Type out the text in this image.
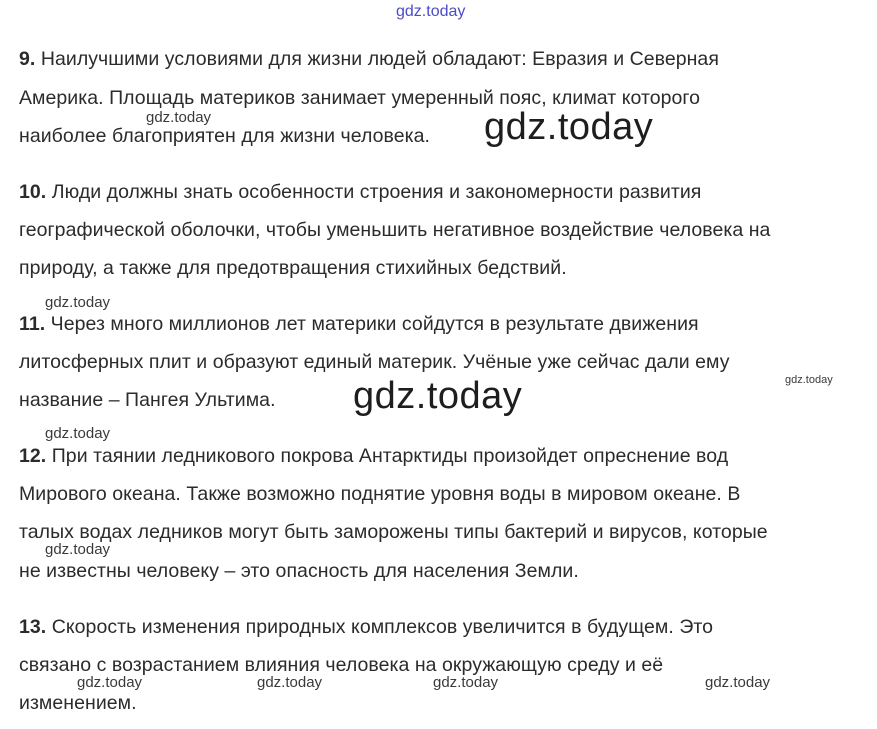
gdz.today
9. Наилучшими условиями для жизни людей обладают: Евразия и Северная
Америка. Площадь материков занимает умеренный пояс, климат которого
наиболее благоприятен для жизни человека.
10. Люди должны знать особенности строения и закономерности развития
географической оболочки, чтобы уменьшить негативное воздействие человека на
природу, а также для предотвращения стихийных бедствий.
11. Через много миллионов лет материки сойдутся в результате движения
литосферных плит и образуют единый материк. Учёные уже сейчас дали ему
название – Пангея Ультима.
12. При таянии ледникового покрова Антарктиды произойдет опреснение вод
Мирового океана. Также возможно поднятие уровня воды в мировом океане. В
талых водах ледников могут быть заморожены типы бактерий и вирусов, которые
не известны человеку – это опасность для населения Земли.
13. Скорость изменения природных комплексов увеличится в будущем. Это
связано с возрастанием влияния человека на окружающую среду и её
изменением.
gdz.today	gdz.today
gdz.today
gdz.today
gdz.today
gdz.today
gdz.today
gdz.today	gdz.today	gdz.today	gdz.today
